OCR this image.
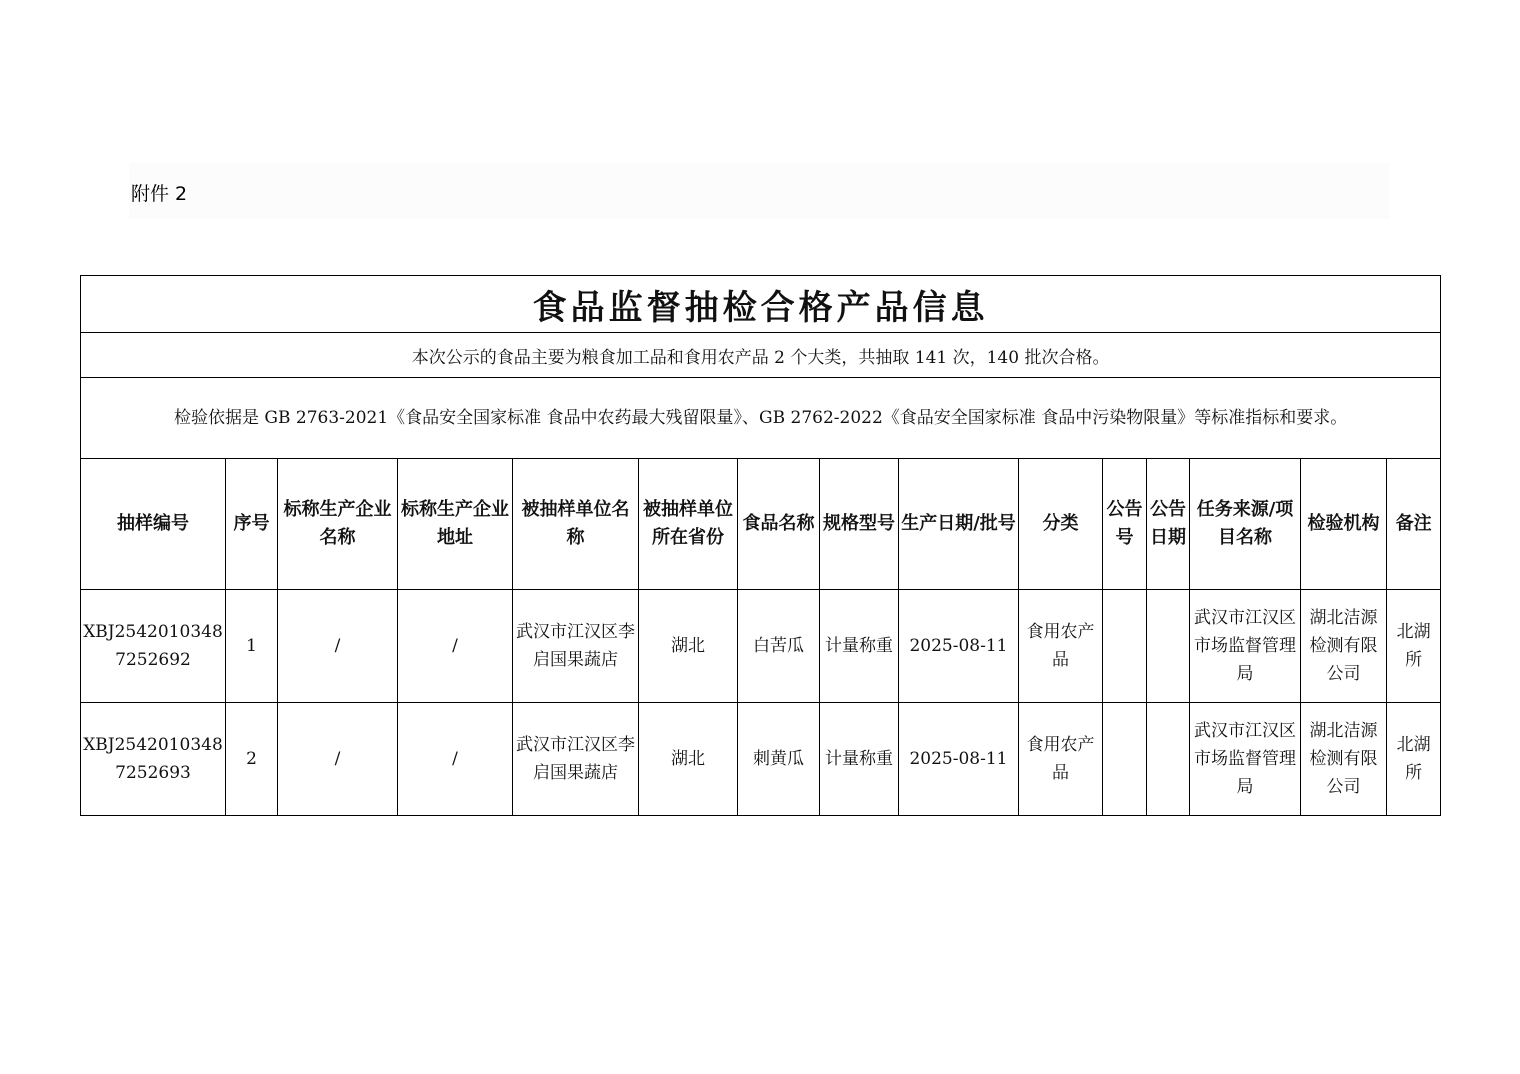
附件 2
食品监督抽检合格产品信息														
本次公示的食品主要为粮食加工品和食用农产品 2 个大类，共抽取 141 次，140 批次合格。														
检验依据是 GB 2763-2021《食品安全国家标准 食品中农药最大残留限量》、GB 2762-2022《食品安全国家标准 食品中污染物限量》等标准指标和要求。														
抽样编号	序号	标称生产企业名称	标称生产企业地址	被抽样单位名称	被抽样单位所在省份	食品名称	规格型号	生产日期/批号	分类	公告号	公告日期	任务来源/项目名称	检验机构	备注
XBJ25420103487252692	1	/	/	武汉市江汉区李启国果蔬店	湖北	白苦瓜	计量称重	2025-08-11	食用农产品			武汉市江汉区市场监督管理局	湖北洁源检测有限公司	北湖所
XBJ25420103487252693	2	/	/	武汉市江汉区李启国果蔬店	湖北	刺黄瓜	计量称重	2025-08-11	食用农产品			武汉市江汉区市场监督管理局	湖北洁源检测有限公司	北湖所
